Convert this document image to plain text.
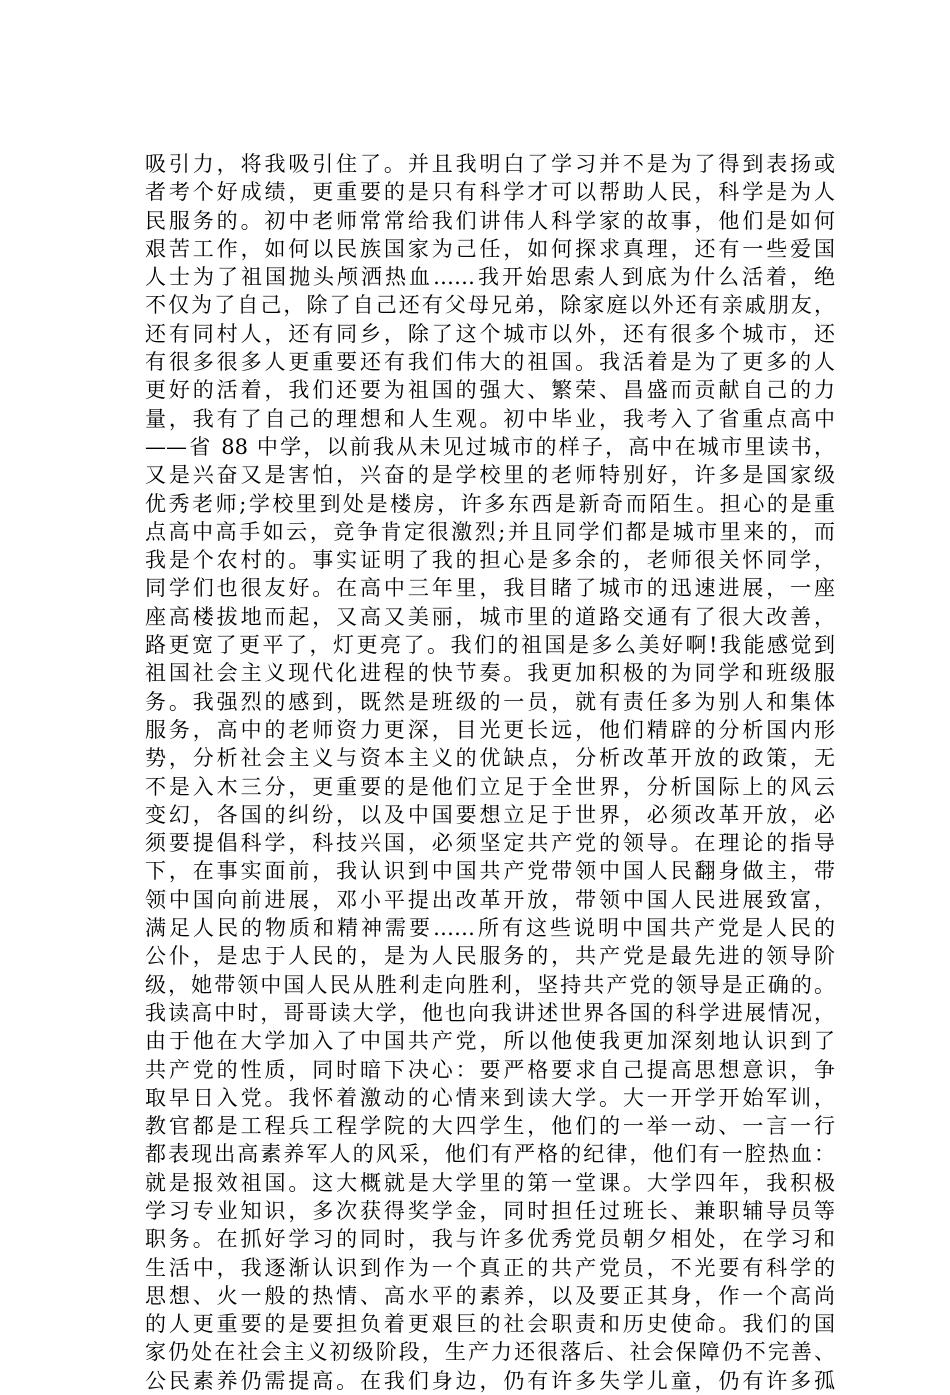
吸引力，将我吸引住了。并且我明白了学习并不是为了得到表扬或
者考个好成绩，更重要的是只有科学才可以帮助人民，科学是为人
民服务的。初中老师常常给我们讲伟人科学家的故事，他们是如何
艰苦工作，如何以民族国家为己任，如何探求真理，还有一些爱国
人士为了祖国抛头颅洒热血……我开始思索人到底为什么活着，绝
不仅为了自己，除了自己还有父母兄弟，除家庭以外还有亲戚朋友，
还有同村人，还有同乡，除了这个城市以外，还有很多个城市，还
有很多很多人更重要还有我们伟大的祖国。我活着是为了更多的人
更好的活着，我们还要为祖国的强大、繁荣、昌盛而贡献自己的力
量，我有了自己的理想和人生观。初中毕业，我考入了省重点高中
——省 88 中学，以前我从未见过城市的样子，高中在城市里读书，
又是兴奋又是害怕，兴奋的是学校里的老师特别好，许多是国家级
优秀老师;学校里到处是楼房，许多东西是新奇而陌生。担心的是重
点高中高手如云，竞争肯定很激烈;并且同学们都是城市里来的，而
我是个农村的。事实证明了我的担心是多余的，老师很关怀同学，
同学们也很友好。在高中三年里，我目睹了城市的迅速进展，一座
座高楼拔地而起，又高又美丽，城市里的道路交通有了很大改善，
路更宽了更平了，灯更亮了。我们的祖国是多么美好啊!我能感觉到
祖国社会主义现代化进程的快节奏。我更加积极的为同学和班级服
务。我强烈的感到，既然是班级的一员，就有责任多为别人和集体
服务，高中的老师资力更深，目光更长远，他们精辟的分析国内形
势，分析社会主义与资本主义的优缺点，分析改革开放的政策，无
不是入木三分，更重要的是他们立足于全世界，分析国际上的风云
变幻，各国的纠纷，以及中国要想立足于世界，必须改革开放，必
须要提倡科学，科技兴国，必须坚定共产党的领导。在理论的指导
下，在事实面前，我认识到中国共产党带领中国人民翻身做主，带
领中国向前进展，邓小平提出改革开放，带领中国人民进展致富，
满足人民的物质和精神需要……所有这些说明中国共产党是人民的
公仆，是忠于人民的，是为人民服务的，共产党是最先进的领导阶
级，她带领中国人民从胜利走向胜利，坚持共产党的领导是正确的。
我读高中时，哥哥读大学，他也向我讲述世界各国的科学进展情况，
由于他在大学加入了中国共产党，所以他使我更加深刻地认识到了
共产党的性质，同时暗下决心：要严格要求自己提高思想意识，争
取早日入党。我怀着激动的心情来到读大学。大一开学开始军训，
教官都是工程兵工程学院的大四学生，他们的一举一动、一言一行
都表现出高素养军人的风采，他们有严格的纪律，他们有一腔热血：
就是报效祖国。这大概就是大学里的第一堂课。大学四年，我积极
学习专业知识，多次获得奖学金，同时担任过班长、兼职辅导员等
职务。在抓好学习的同时，我与许多优秀党员朝夕相处，在学习和
生活中，我逐渐认识到作为一个真正的共产党员，不光要有科学的
思想、火一般的热情、高水平的素养，以及要正其身，作一个高尚
的人更重要的是要担负着更艰巨的社会职责和历史使命。我们的国
家仍处在社会主义初级阶段，生产力还很落后、社会保障仍不完善、
公民素养仍需提高。在我们身边，仍有许多失学儿童，仍有许多孤
